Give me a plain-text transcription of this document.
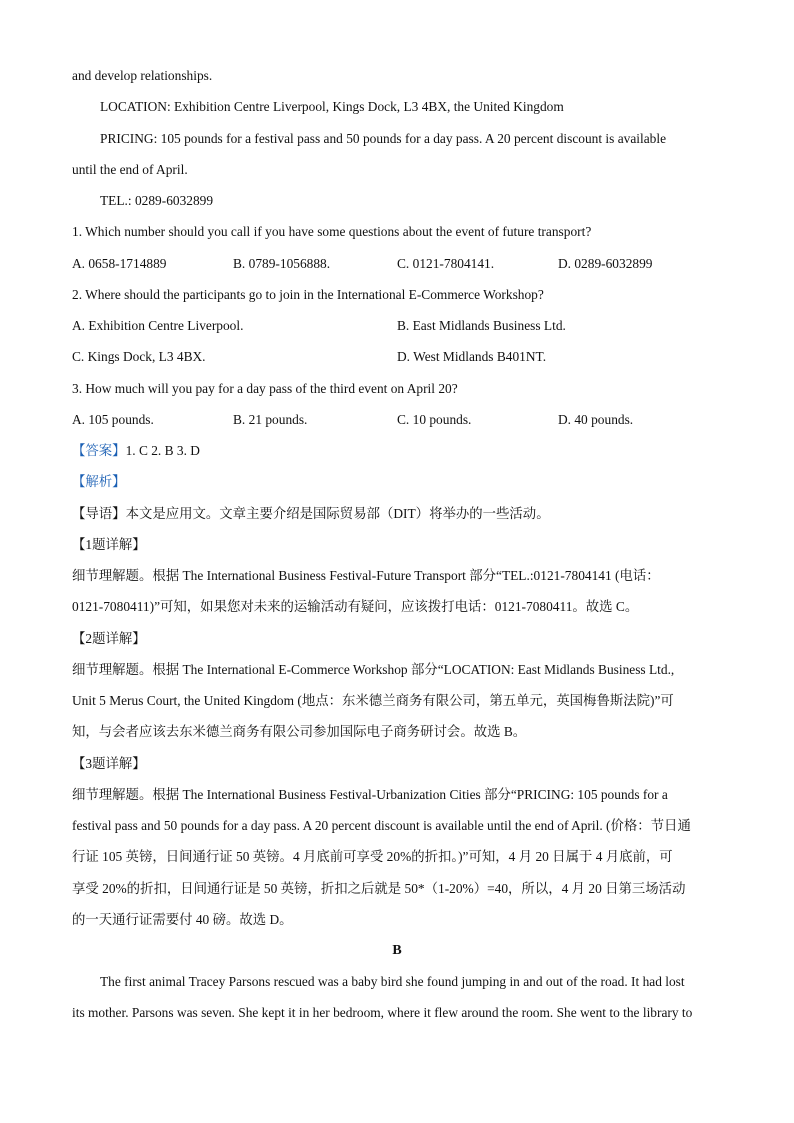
and develop relationships.
LOCATION: Exhibition Centre Liverpool, Kings Dock, L3 4BX, the United Kingdom
PRICING: 105 pounds for a festival pass and 50 pounds for a day pass. A 20 percent discount is available
until the end of April.
TEL.: 0289-6032899
1. Which number should you call if you have some questions about the event of future transport?
A. 0658-1714889	B. 0789-1056888.	C. 0121-7804141.	D. 0289-6032899
2. Where should the participants go to join in the International E-Commerce Workshop?
A. Exhibition Centre Liverpool.	B. East Midlands Business Ltd.
C. Kings Dock, L3 4BX.	D. West Midlands B401NT.
3. How much will you pay for a day pass of the third event on April 20?
A. 105 pounds.	B. 21 pounds.	C. 10 pounds.	D. 40 pounds.
【答案】1. C 2. B 3. D
【解析】
【导语】本文是应用文。文章主要介绍是国际贸易部（DIT）将举办的一些活动。
【1题详解】
细节理解题。根据 The International Business Festival-Future Transport 部分“TEL.:0121-7804141 (电话：
0121-7080411)”可知，如果您对未来的运输活动有疑问，应该拨打电话：0121-7080411。故选 C。
【2题详解】
细节理解题。根据 The International E-Commerce Workshop 部分“LOCATION: East Midlands Business Ltd.,
Unit 5 Merus Court, the United Kingdom (地点：东米德兰商务有限公司，第五单元，英国梅鲁斯法院)”可
知，与会者应该去东米德兰商务有限公司参加国际电子商务研讨会。故选 B。
【3题详解】
细节理解题。根据 The International Business Festival-Urbanization Cities 部分“PRICING: 105 pounds for a
festival pass and 50 pounds for a day pass. A 20 percent discount is available until the end of April. (价格：节日通
行证 105 英镑，日间通行证 50 英镑。4 月底前可享受 20%的折扣。)”可知，4 月 20 日属于 4 月底前，可
享受 20%的折扣，日间通行证是 50 英镑，折扣之后就是 50*（1-20%）=40，所以，4 月 20 日第三场活动
的一天通行证需要付 40 磅。故选 D。
B
The first animal Tracey Parsons rescued was a baby bird she found jumping in and out of the road. It had lost
its mother. Parsons was seven. She kept it in her bedroom, where it flew around the room. She went to the library to
